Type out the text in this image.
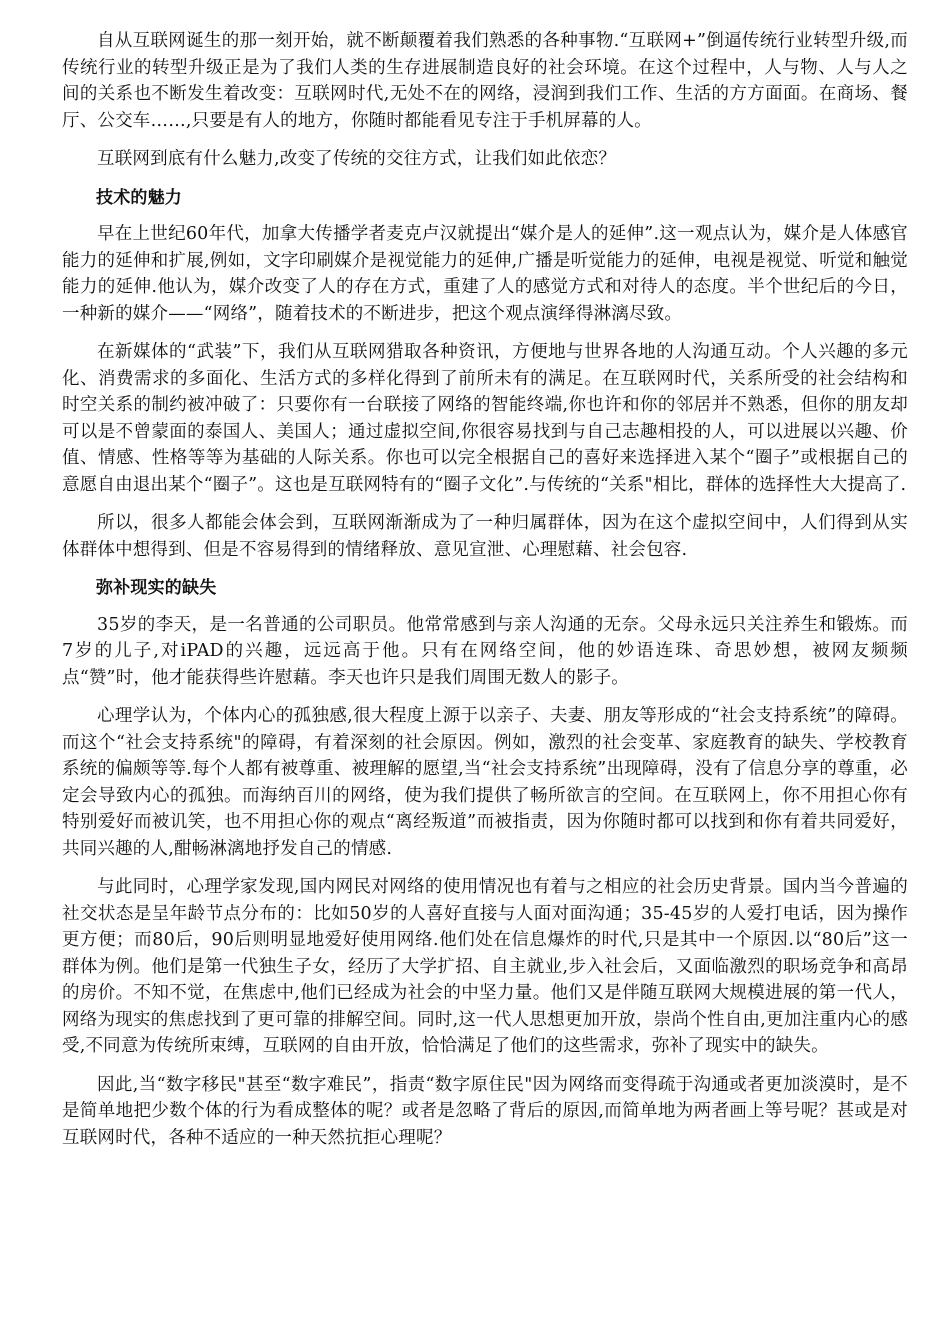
自从互联网诞生的那一刻开始，就不断颠覆着我们熟悉的各种事物.“互联网+”倒逼传统行业转型升级,而传统行业的转型升级正是为了我们人类的生存进展制造良好的社会环境。在这个过程中，人与物、人与人之间的关系也不断发生着改变：互联网时代,无处不在的网络，浸润到我们工作、生活的方方面面。在商场、餐厅、公交车……,只要是有人的地方，你随时都能看见专注于手机屏幕的人。

互联网到底有什么魅力,改变了传统的交往方式，让我们如此依恋？

技术的魅力

早在上世纪60年代，加拿大传播学者麦克卢汉就提出“媒介是人的延伸”.这一观点认为，媒介是人体感官能力的延伸和扩展,例如，文字印刷媒介是视觉能力的延伸,广播是听觉能力的延伸，电视是视觉、听觉和触觉能力的延伸.他认为，媒介改变了人的存在方式，重建了人的感觉方式和对待人的态度。半个世纪后的今日，一种新的媒介——“网络”，随着技术的不断进步，把这个观点演绎得淋漓尽致。

在新媒体的“武装”下，我们从互联网猎取各种资讯，方便地与世界各地的人沟通互动。个人兴趣的多元化、消费需求的多面化、生活方式的多样化得到了前所未有的满足。在互联网时代，关系所受的社会结构和时空关系的制约被冲破了：只要你有一台联接了网络的智能终端,你也许和你的邻居并不熟悉，但你的朋友却可以是不曾蒙面的泰国人、美国人；通过虚拟空间,你很容易找到与自己志趣相投的人，可以进展以兴趣、价值、情感、性格等等为基础的人际关系。你也可以完全根据自己的喜好来选择进入某个“圈子”或根据自己的意愿自由退出某个“圈子”。这也是互联网特有的“圈子文化”.与传统的“关系"相比，群体的选择性大大提高了.

所以，很多人都能会体会到，互联网渐渐成为了一种归属群体，因为在这个虚拟空间中，人们得到从实体群体中想得到、但是不容易得到的情绪释放、意见宣泄、心理慰藉、社会包容.

弥补现实的缺失

35岁的李天，是一名普通的公司职员。他常常感到与亲人沟通的无奈。父母永远只关注养生和锻炼。而7岁的儿子,对iPAD的兴趣，远远高于他。只有在网络空间，他的妙语连珠、奇思妙想，被网友频频点“赞”时，他才能获得些许慰藉。李天也许只是我们周围无数人的影子。

心理学认为，个体内心的孤独感,很大程度上源于以亲子、夫妻、朋友等形成的“社会支持系统”的障碍。而这个“社会支持系统"的障碍，有着深刻的社会原因。例如，激烈的社会变革、家庭教育的缺失、学校教育系统的偏颇等等.每个人都有被尊重、被理解的愿望,当“社会支持系统”出现障碍，没有了信息分享的尊重，必定会导致内心的孤独。而海纳百川的网络，使为我们提供了畅所欲言的空间。在互联网上，你不用担心你有特别爱好而被讥笑，也不用担心你的观点“离经叛道”而被指责，因为你随时都可以找到和你有着共同爱好，共同兴趣的人,酣畅淋漓地抒发自己的情感.

与此同时，心理学家发现,国内网民对网络的使用情况也有着与之相应的社会历史背景。国内当今普遍的社交状态是呈年龄节点分布的：比如50岁的人喜好直接与人面对面沟通；35-45岁的人爱打电话，因为操作更方便；而80后，90后则明显地爱好使用网络.他们处在信息爆炸的时代,只是其中一个原因.以“80后”这一群体为例。他们是第一代独生子女，经历了大学扩招、自主就业,步入社会后，又面临激烈的职场竞争和高昂的房价。不知不觉，在焦虑中,他们已经成为社会的中坚力量。他们又是伴随互联网大规模进展的第一代人，网络为现实的焦虑找到了更可靠的排解空间。同时,这一代人思想更加开放，崇尚个性自由,更加注重内心的感受,不同意为传统所束缚，互联网的自由开放，恰恰满足了他们的这些需求，弥补了现实中的缺失。

因此,当“数字移民"甚至“数字难民”，指责“数字原住民"因为网络而变得疏于沟通或者更加淡漠时，是不是简单地把少数个体的行为看成整体的呢？或者是忽略了背后的原因,而简单地为两者画上等号呢？甚或是对互联网时代，各种不适应的一种天然抗拒心理呢？
